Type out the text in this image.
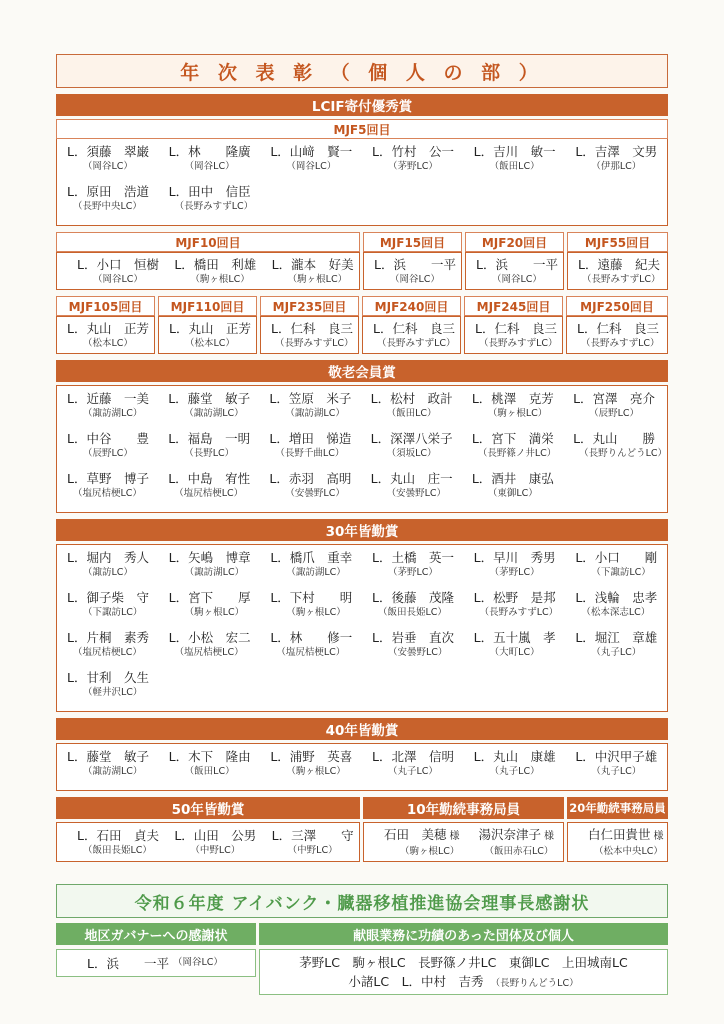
年 次 表 彰 （ 個 人 の 部 ）
LCIF寄付優秀賞
MJF5回目
L．須藤　翠巌
（岡谷LC）
L．林　　隆廣
（岡谷LC）
L．山﨑　賢一
（岡谷LC）
L．竹村　公一
（茅野LC）
L．吉川　敏一
（飯田LC）
L．吉澤　文男
（伊那LC）
L．原田　浩道
（長野中央LC）
L．田中　信臣
（長野みすずLC）
MJF10回目
L．小口　恒樹
（岡谷LC）
L．橋田　利雄
（駒ヶ根LC）
L．瀧本　好美
（駒ヶ根LC）
MJF15回目
L．浜　　一平
（岡谷LC）
MJF20回目
L．浜　　一平
（岡谷LC）
MJF55回目
L．遠藤　紀夫
（長野みすずLC）
MJF105回目
L．丸山　正芳
（松本LC）
MJF110回目
L．丸山　正芳
（松本LC）
MJF235回目
L．仁科　良三
（長野みすずLC）
MJF240回目
L．仁科　良三
（長野みすずLC）
MJF245回目
L．仁科　良三
（長野みすずLC）
MJF250回目
L．仁科　良三
（長野みすずLC）
敬老会員賞
L．近藤　一美
（諏訪湖LC）
L．藤堂　敏子
（諏訪湖LC）
L．笠原　米子
（諏訪湖LC）
L．松村　政計
（飯田LC）
L．桃澤　克芳
（駒ヶ根LC）
L．宮澤　亮介
（辰野LC）
L．中谷　　豊
（辰野LC）
L．福島　一明
（長野LC）
L．増田　悌造
（長野千曲LC）
L．深澤八栄子
（須坂LC）
L．宮下　満栄
（長野篠ノ井LC）
L．丸山　　勝
（長野りんどうLC）
L．草野　博子
（塩尻桔梗LC）
L．中島　宥性
（塩尻桔梗LC）
L．赤羽　高明
（安曇野LC）
L．丸山　庄一
（安曇野LC）
L．酒井　康弘
（東御LC）
30年皆勤賞
L．堀内　秀人
（諏訪LC）
L．矢嶋　博章
（諏訪湖LC）
L．橋爪　重幸
（諏訪湖LC）
L．土橋　英一
（茅野LC）
L．早川　秀男
（茅野LC）
L．小口　　剛
（下諏訪LC）
L．御子柴　守
（下諏訪LC）
L．宮下　　厚
（駒ヶ根LC）
L．下村　　明
（駒ヶ根LC）
L．後藤　茂隆
（飯田長姫LC）
L．松野　是邦
（長野みすずLC）
L．浅輪　忠孝
（松本深志LC）
L．片桐　素秀
（塩尻桔梗LC）
L．小松　宏二
（塩尻桔梗LC）
L．林　　修一
（塩尻桔梗LC）
L．岩垂　直次
（安曇野LC）
L．五十嵐　孝
（大町LC）
L．堀江　章雄
（丸子LC）
L．甘利　久生
（軽井沢LC）
40年皆勤賞
L．藤堂　敏子
（諏訪湖LC）
L．木下　隆由
（飯田LC）
L．浦野　英喜
（駒ヶ根LC）
L．北澤　信明
（丸子LC）
L．丸山　康雄
（丸子LC）
L．中沢甲子雄
（丸子LC）
50年皆勤賞
L．石田　貞夫
（飯田長姫LC）
L．山田　公男
（中野LC）
L．三澤　　守
（中野LC）
10年勤続事務局員
石田　美穂 様
（駒ヶ根LC）
湯沢奈津子 様
（飯田赤石LC）
20年勤続事務局員
白仁田貴世 様
（松本中央LC）
令和６年度 アイバンク・臓器移植推進協会理事長感謝状
地区ガバナーへの感謝状
L．浜　　一平 （岡谷LC）
献眼業務に功績のあった団体及び個人
茅野LC　駒ヶ根LC　長野篠ノ井LC　東御LC　上田城南LC
小諸LC　L．中村　吉秀 （長野りんどうLC）
